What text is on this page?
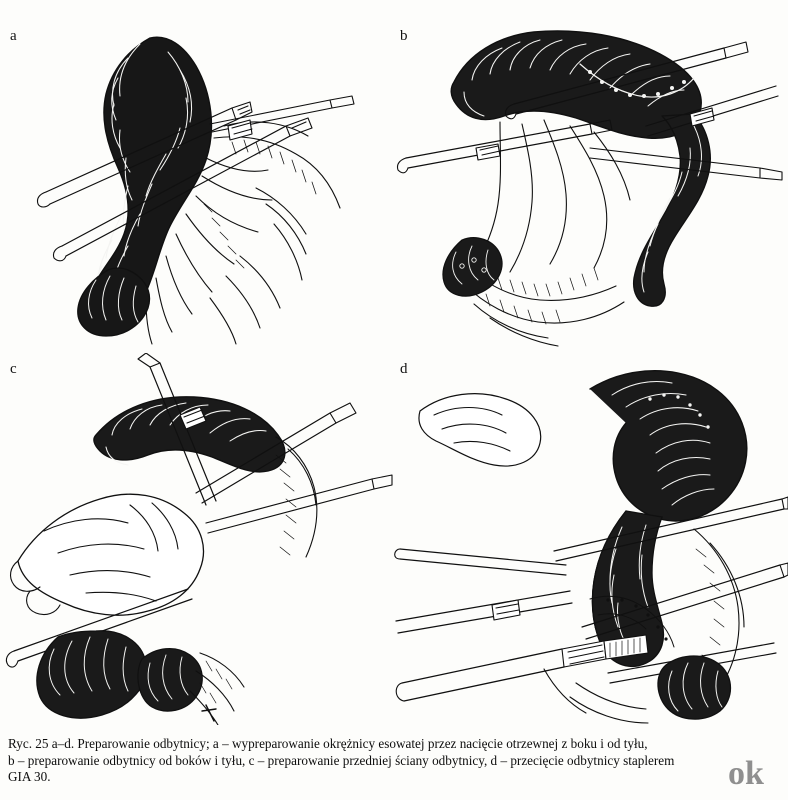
a	b
c	d
Ryc. 25 a–d. Preparowanie odbytnicy; a – wypreparowanie okrężnicy esowatej przez nacięcie otrzewnej z boku i od tyłu,
b – preparowanie odbytnicy od boków i tyłu, c – preparowanie przedniej ściany odbytnicy, d – przecięcie odbytnicy staplerem
GIA 30.	ok
